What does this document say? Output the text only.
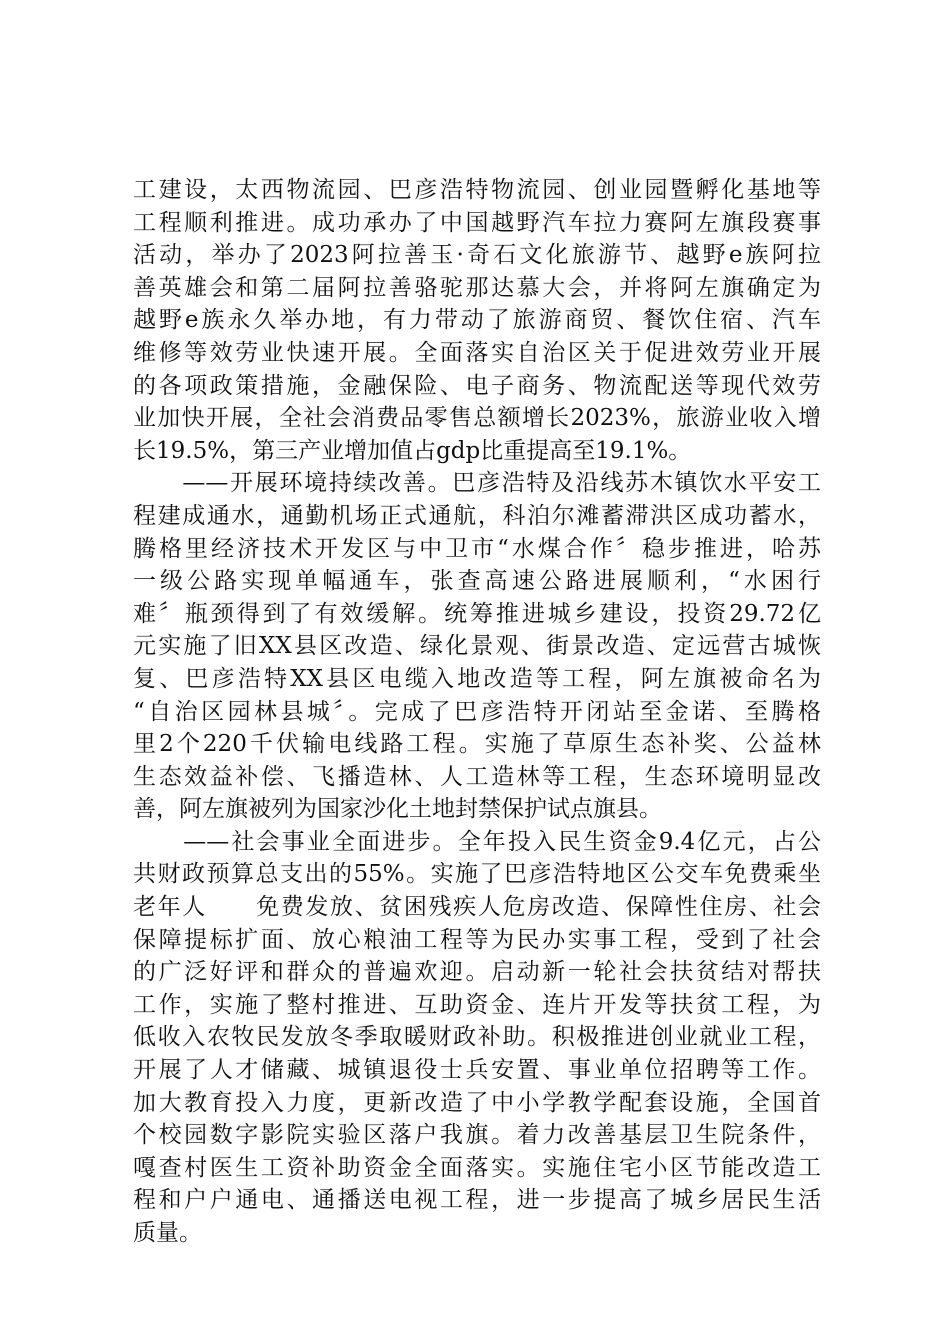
工建设，太西物流园、巴彦浩特物流园、创业园暨孵化基地等
工程顺利推进。成功承办了中国越野汽车拉力赛阿左旗段赛事
活动，举办了2023阿拉善玉·奇石文化旅游节、越野e族阿拉
善英雄会和第二届阿拉善骆驼那达慕大会，并将阿左旗确定为
越野e族永久举办地，有力带动了旅游商贸、餐饮住宿、汽车
维修等效劳业快速开展。全面落实自治区关于促进效劳业开展
的各项政策措施，金融保险、电子商务、物流配送等现代效劳
业加快开展，全社会消费品零售总额增长2023%，旅游业收入增
长19.5%，第三产业增加值占gdp比重提高至19.1%。
　　——开展环境持续改善。巴彦浩特及沿线苏木镇饮水平安工
程建成通水，通勤机场正式通航，科泊尔滩蓄滞洪区成功蓄水，
腾格里经济技术开发区与中卫市“水煤合作〞稳步推进，哈苏
一级公路实现单幅通车，张查高速公路进展顺利，“水困行
难〞瓶颈得到了有效缓解。统筹推进城乡建设，投资29.72亿
元实施了旧XX县区改造、绿化景观、街景改造、定远营古城恢
复、巴彦浩特XX县区电缆入地改造等工程，阿左旗被命名为
“自治区园林县城〞。完成了巴彦浩特开闭站至金诺、至腾格
里2个220千伏输电线路工程。实施了草原生态补奖、公益林
生态效益补偿、飞播造林、人工造林等工程，生态环境明显改
善，阿左旗被列为国家沙化土地封禁保护试点旗县。
　　——社会事业全面进步。全年投入民生资金9.4亿元，占公
共财政预算总支出的55%。实施了巴彦浩特地区公交车免费乘坐
老年人　　免费发放、贫困残疾人危房改造、保障性住房、社会
保障提标扩面、放心粮油工程等为民办实事工程，受到了社会
的广泛好评和群众的普遍欢迎。启动新一轮社会扶贫结对帮扶
工作，实施了整村推进、互助资金、连片开发等扶贫工程，为
低收入农牧民发放冬季取暖财政补助。积极推进创业就业工程，
开展了人才储藏、城镇退役士兵安置、事业单位招聘等工作。
加大教育投入力度，更新改造了中小学教学配套设施，全国首
个校园数字影院实验区落户我旗。着力改善基层卫生院条件，
嘎查村医生工资补助资金全面落实。实施住宅小区节能改造工
程和户户通电、通播送电视工程，进一步提高了城乡居民生活
质量。
